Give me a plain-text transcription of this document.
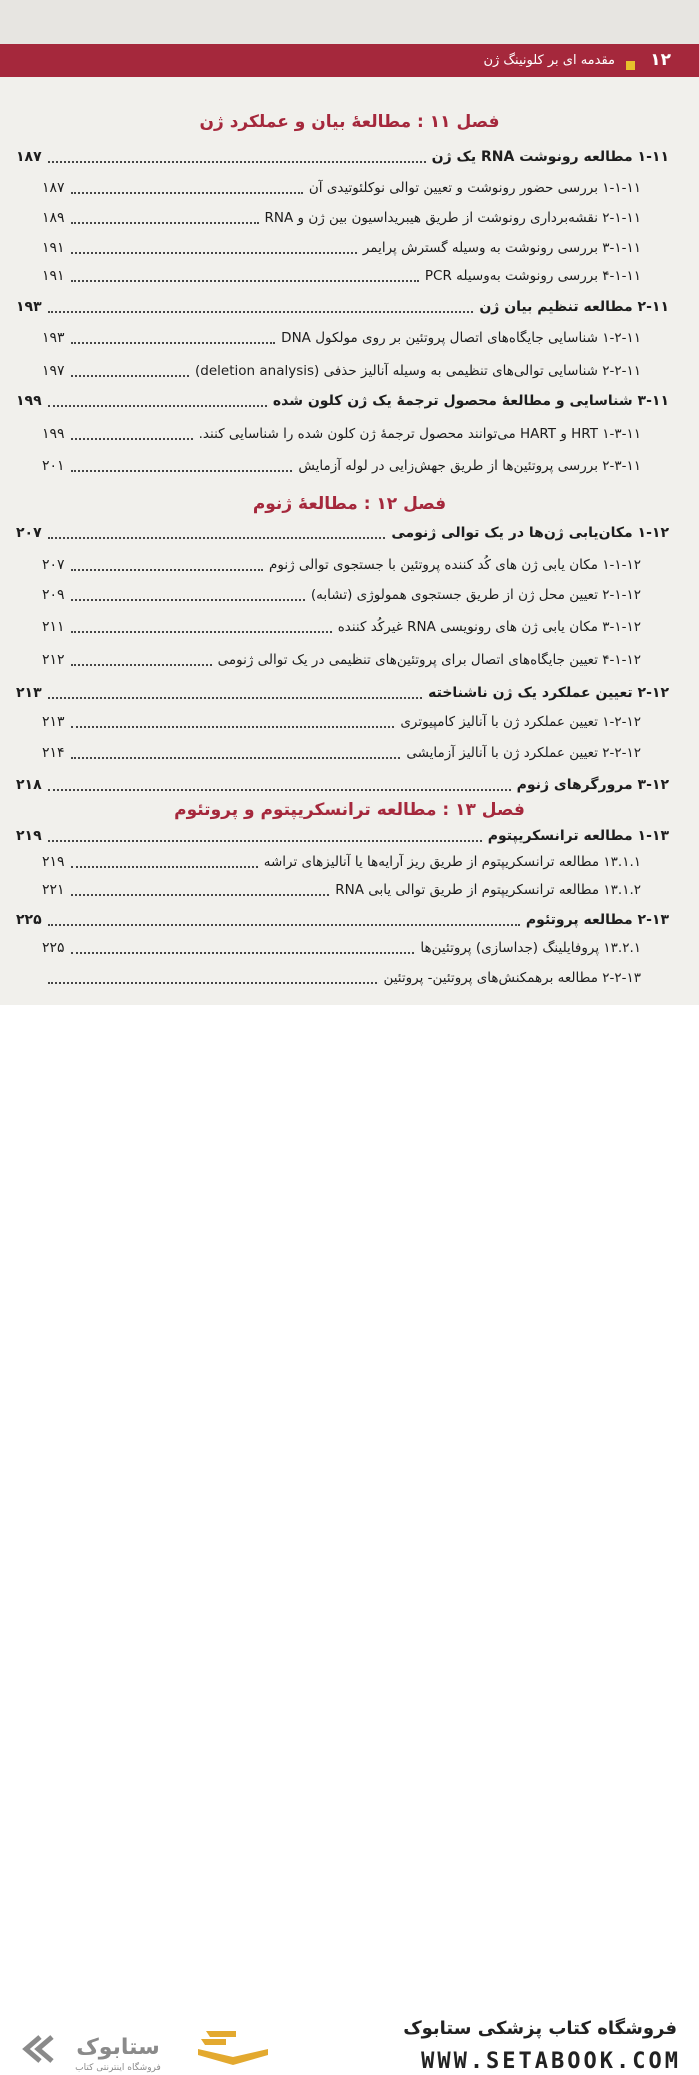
۱۲
مقدمه ای بر کلونینگ ژن
فصل ۱۱ : مطالعهٔ بیان و عملکرد ژن
فصل ۱۲ : مطالعهٔ ژنوم
فصل ۱۳ : مطالعه ترانسکریپتوم و پروتئوم
۱-۱۱ مطالعه رونوشت RNA یک ژن
۱۸۷
۱-۱-۱۱ بررسی حضور رونوشت و تعیین توالی نوکلئوتیدی آن
۱۸۷
۲-۱-۱۱ نقشه‌برداری رونوشت از طریق هیبریداسیون بین ژن و RNA
۱۸۹
۳-۱-۱۱ بررسی رونوشت به وسیله گسترش پرایمر
۱۹۱
۴-۱-۱۱ بررسی رونوشت به‌وسیله PCR
۱۹۱
۲-۱۱ مطالعه تنظیم بیان ژن
۱۹۳
۱-۲-۱۱ شناسایی جایگاه‌های اتصال پروتئین بر روی مولکول DNA
۱۹۳
۲-۲-۱۱ شناسایی توالی‌های تنظیمی به وسیله آنالیز حذفی (deletion analysis)
۱۹۷
۳-۱۱ شناسایی و مطالعهٔ محصول ترجمهٔ یک ژن کلون شده
۱۹۹
۱-۳-۱۱ HRT و HART می‌توانند محصول ترجمهٔ ژن کلون شده را شناسایی کنند.
۱۹۹
۲-۳-۱۱ بررسی پروتئین‌ها از طریق جهش‌زایی در لوله آزمایش
۲۰۱
۱-۱۲ مکان‌یابی ژن‌ها در یک توالی ژنومی
۲۰۷
۱-۱-۱۲ مکان یابی ژن های کُد کننده پروتئین با جستجوی توالی ژنوم
۲۰۷
۲-۱-۱۲ تعیین محل ژن از طریق جستجوی همولوژی (تشابه)
۲۰۹
۳-۱-۱۲ مکان یابی ژن های رونویسی RNA غیرکُد کننده
۲۱۱
۴-۱-۱۲ تعیین جایگاه‌های اتصال برای پروتئین‌های تنظیمی در یک توالی ژنومی
۲۱۲
۲-۱۲ تعیین عملکرد یک ژن ناشناخته
۲۱۳
۱-۲-۱۲ تعیین عملکرد ژن با آنالیز کامپیوتری
۲۱۳
۲-۲-۱۲ تعیین عملکرد ژن با آنالیز آزمایشی
۲۱۴
۳-۱۲ مرورگرهای ژنوم
۲۱۸
۱-۱۳ مطالعه ترانسکریپتوم
۲۱۹
۱۳.۱.۱ مطالعه ترانسکریپتوم از طریق ریز آرایه‌ها یا آنالیزهای تراشه
۲۱۹
۱۳.۱.۲ مطالعه ترانسکریپتوم از طریق توالی یابی RNA
۲۲۱
۲-۱۳ مطالعه پروتئوم
۲۲۵
۱۳.۲.۱ پروفایلینگ (جداسازی) پروتئین‌ها
۲۲۵
۲-۲-۱۳ مطالعه برهمکنش‌های پروتئین- پروتئین
ستابوک
فروشگاه اینترنتی کتاب
فروشگاه کتاب پزشکی ستابوک
WWW.SETABOOK.COM
